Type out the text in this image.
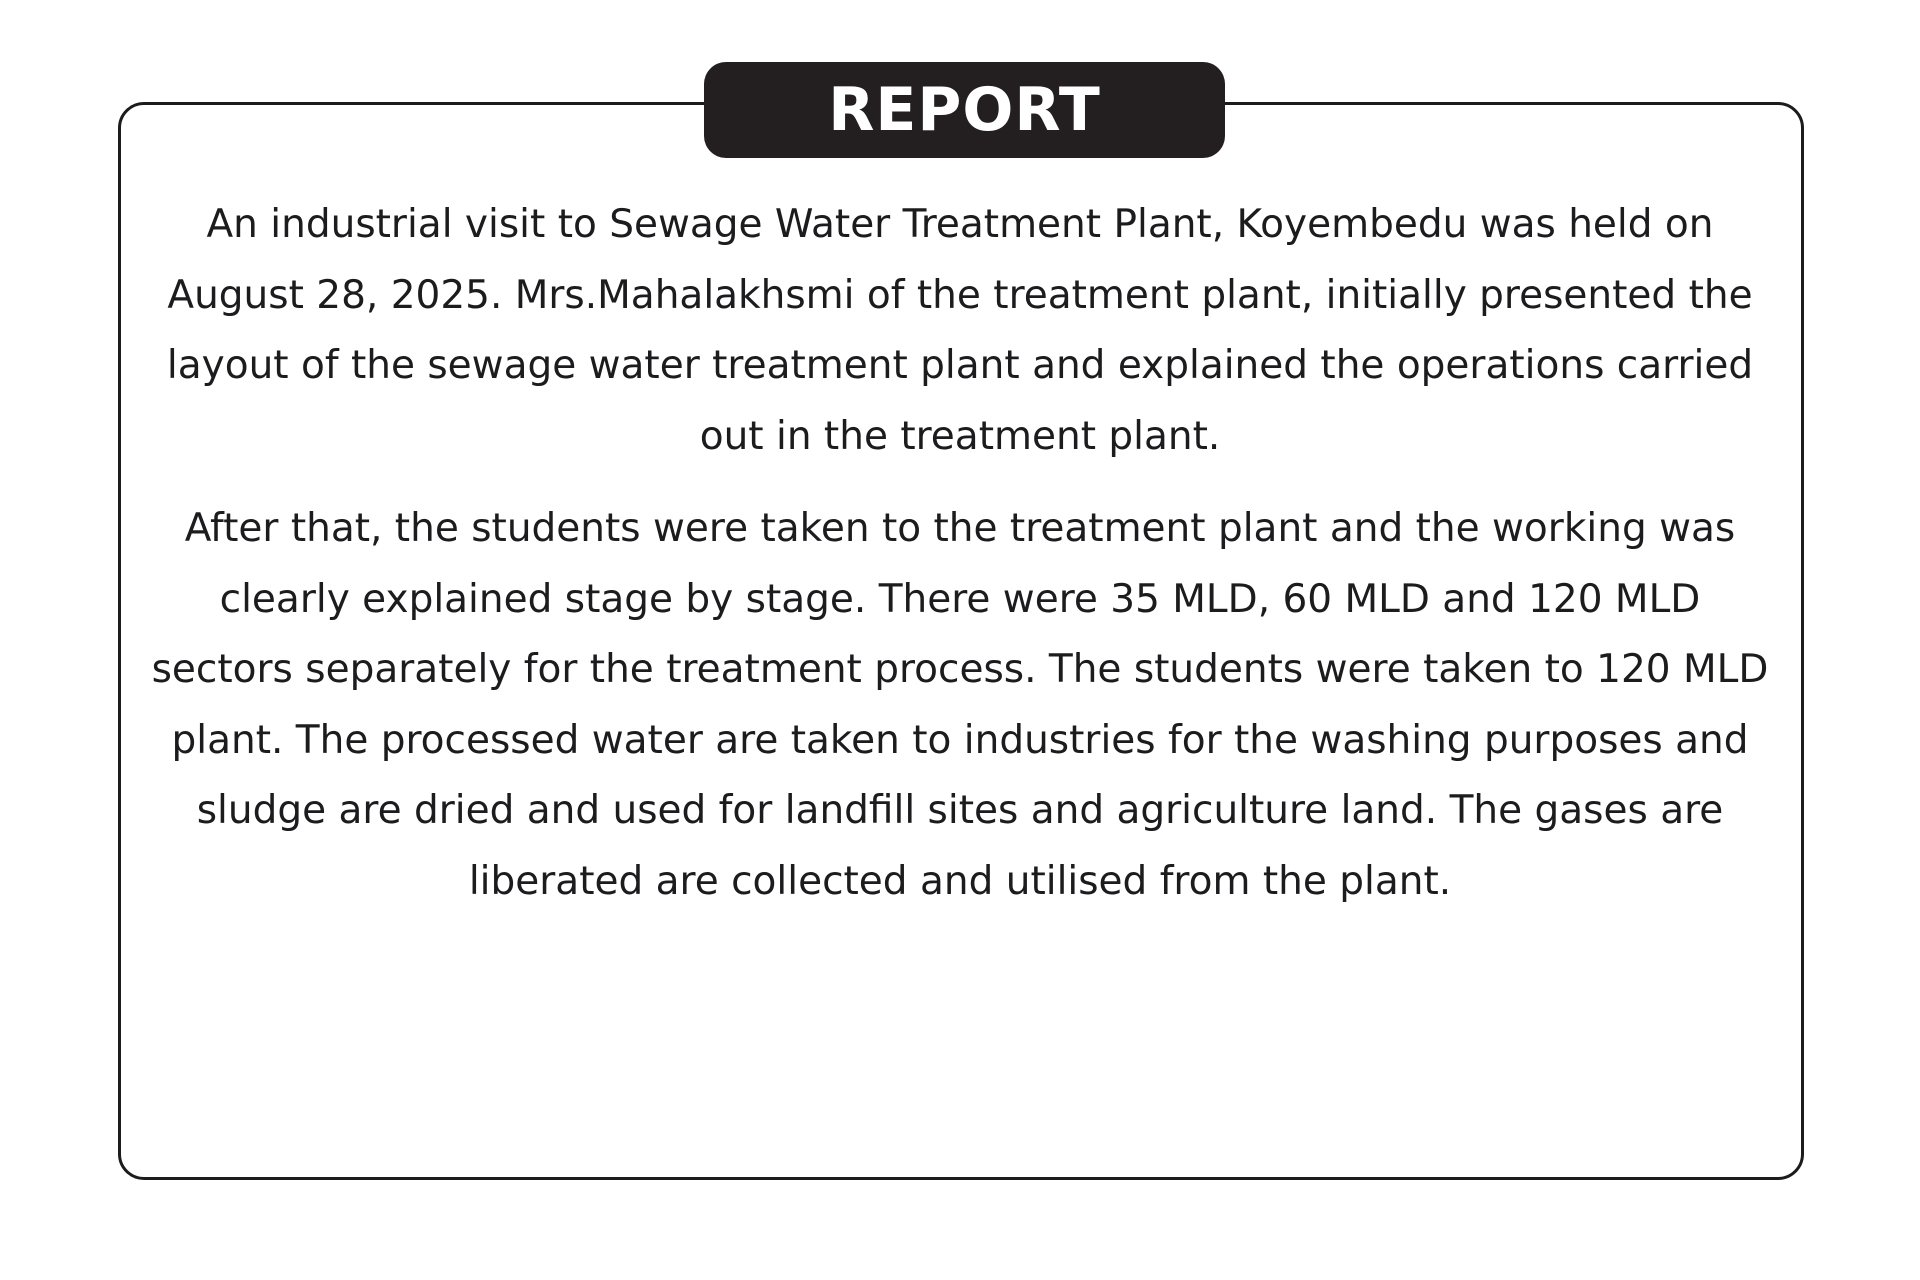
REPORT

An industrial visit to Sewage Water Treatment Plant, Koyembedu was held on August 28, 2025. Mrs.Mahalakhsmi of the treatment plant, initially presented the layout of the sewage water treatment plant and explained the operations carried out in the treatment plant.

After that, the students were taken to the treatment plant and the working was clearly explained stage by stage. There were 35 MLD, 60 MLD and 120 MLD sectors separately for the treatment process. The students were taken to 120 MLD plant. The processed water are taken to industries for the washing purposes and sludge are dried and used for landfill sites and agriculture land. The gases are liberated are collected and utilised from the plant.
